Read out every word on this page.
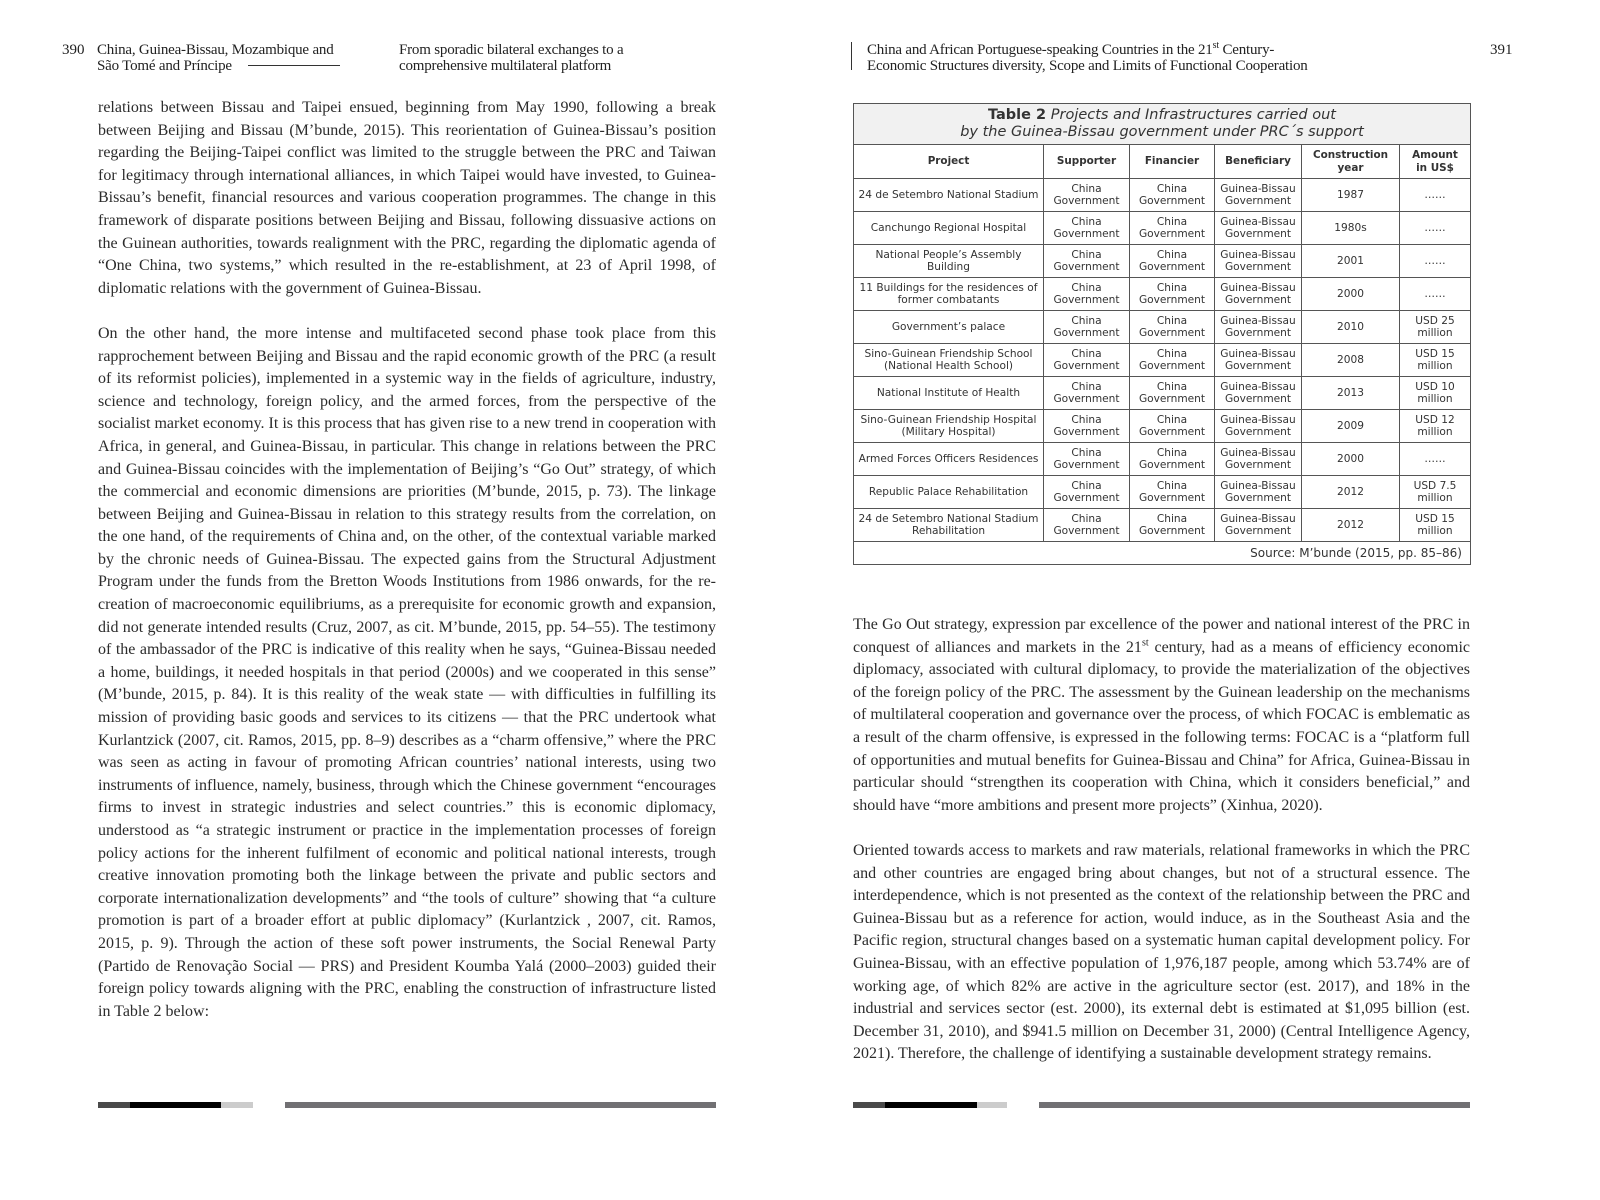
390 China, Guinea-Bissau, Mozambique and
São Tomé and Príncipe
From sporadic bilateral exchanges to a
comprehensive multilateral platform

relations between Bissau and Taipei ensued, beginning from May 1990, following a break between Beijing and Bissau (M’bunde, 2015). This reorientation of Guinea-Bissau’s position regarding the Beijing-Taipei conflict was limited to the struggle between the PRC and Taiwan for legitimacy through international alliances, in which Taipei would have invested, to Guinea-Bissau’s benefit, financial resources and various cooperation programmes. The change in this framework of disparate positions between Beijing and Bissau, following dissuasive actions on the Guinean authorities, towards realignment with the PRC, regarding the diplomatic agenda of “One China, two systems,” which resulted in the re-establishment, at 23 of April 1998, of diplomatic relations with the government of Guinea-Bissau.

On the other hand, the more intense and multifaceted second phase took place from this rapprochement between Beijing and Bissau and the rapid economic growth of the PRC (a result of its reformist policies), implemented in a systemic way in the fields of agriculture, industry, science and technology, foreign policy, and the armed forces, from the perspective of the socialist market economy. It is this process that has given rise to a new trend in cooperation with Africa, in general, and Guinea-Bissau, in particular. This change in relations between the PRC and Guinea-Bissau coincides with the implementation of Beijing’s “Go Out” strategy, of which the commercial and economic dimensions are priorities (M’bunde, 2015, p. 73). The linkage between Beijing and Guinea-Bissau in relation to this strategy results from the correlation, on the one hand, of the requirements of China and, on the other, of the contextual variable marked by the chronic needs of Guinea-Bissau. The expected gains from the Structural Adjustment Program under the funds from the Bretton Woods Institutions from 1986 onwards, for the re-creation of macroeconomic equilibriums, as a prerequisite for economic growth and expansion, did not generate intended results (Cruz, 2007, as cit. M’bunde, 2015, pp. 54–55). The testimony of the ambassador of the PRC is indicative of this reality when he says, “Guinea-Bissau needed a home, buildings, it needed hospitals in that period (2000s) and we cooperated in this sense” (M’bunde, 2015, p. 84). It is this reality of the weak state — with difficulties in fulfilling its mission of providing basic goods and services to its citizens — that the PRC undertook what Kurlantzick (2007, cit. Ramos, 2015, pp. 8–9) describes as a “charm offensive,” where the PRC was seen as acting in favour of promoting African countries’ national interests, using two instruments of influence, namely, business, through which the Chinese government “encourages firms to invest in strategic industries and select countries.” this is economic diplomacy, understood as “a strategic instrument or practice in the implementation processes of foreign policy actions for the inherent fulfilment of economic and political national interests, trough creative innovation promoting both the linkage between the private and public sectors and corporate internationalization developments” and “the tools of culture” showing that “a culture promotion is part of a broader effort at public diplomacy” (Kurlantzick , 2007, cit. Ramos, 2015, p. 9). Through the action of these soft power instruments, the Social Renewal Party (Partido de Renovação Social — PRS) and President Koumba Yalá (2000–2003) guided their foreign policy towards aligning with the PRC, enabling the construction of infrastructure listed in Table 2 below:

China and African Portuguese-speaking Countries in the 21st Century-
Economic Structures diversity, Scope and Limits of Functional Cooperation
391
Table 2 Projects and Infrastructures carried out
by the Guinea-Bissau government under PRC´s support					
Project	Supporter	Financier	Beneficiary	Construction year	Amount in US$
24 de Setembro National Stadium	China Government	China Government	Guinea-Bissau Government	1987	……
Canchungo Regional Hospital	China Government	China Government	Guinea-Bissau Government	1980s	……
National People’s Assembly Building	China Government	China Government	Guinea-Bissau Government	2001	……
11 Buildings for the residences of former combatants	China Government	China Government	Guinea-Bissau Government	2000	……
Government’s palace	China Government	China Government	Guinea-Bissau Government	2010	USD 25 million
Sino-Guinean Friendship School (National Health School)	China Government	China Government	Guinea-Bissau Government	2008	USD 15 million
National Institute of Health	China Government	China Government	Guinea-Bissau Government	2013	USD 10 million
Sino-Guinean Friendship Hospital (Military Hospital)	China Government	China Government	Guinea-Bissau Government	2009	USD 12 million
Armed Forces Officers Residences	China Government	China Government	Guinea-Bissau Government	2000	……
Republic Palace Rehabilitation	China Government	China Government	Guinea-Bissau Government	2012	USD 7.5 million
24 de Setembro National Stadium Rehabilitation	China Government	China Government	Guinea-Bissau Government	2012	USD 15 million
Source: M’bunde (2015, pp. 85–86)					

The Go Out strategy, expression par excellence of the power and national interest of the PRC in conquest of alliances and markets in the 21st century, had as a means of efficiency economic diplomacy, associated with cultural diplomacy, to provide the materialization of the objectives of the foreign policy of the PRC. The assessment by the Guinean leadership on the mechanisms of multilateral cooperation and governance over the process, of which FOCAC is emblematic as a result of the charm offensive, is expressed in the following terms: FOCAC is a “platform full of opportunities and mutual benefits for Guinea-Bissau and China” for Africa, Guinea-Bissau in particular should “strengthen its cooperation with China, which it considers beneficial,” and should have “more ambitions and present more projects” (Xinhua, 2020).

Oriented towards access to markets and raw materials, relational frameworks in which the PRC and other countries are engaged bring about changes, but not of a structural essence. The interdependence, which is not presented as the context of the relationship between the PRC and Guinea-Bissau but as a reference for action, would induce, as in the Southeast Asia and the Pacific region, structural changes based on a systematic human capital development policy. For Guinea-Bissau, with an effective population of 1,976,187 people, among which 53.74% are of working age, of which 82% are active in the agriculture sector (est. 2017), and 18% in the industrial and services sector (est. 2000), its external debt is estimated at $1,095 billion (est. December 31, 2010), and $941.5 million on December 31, 2000) (Central Intelligence Agency, 2021). Therefore, the challenge of identifying a sustainable development strategy remains.
